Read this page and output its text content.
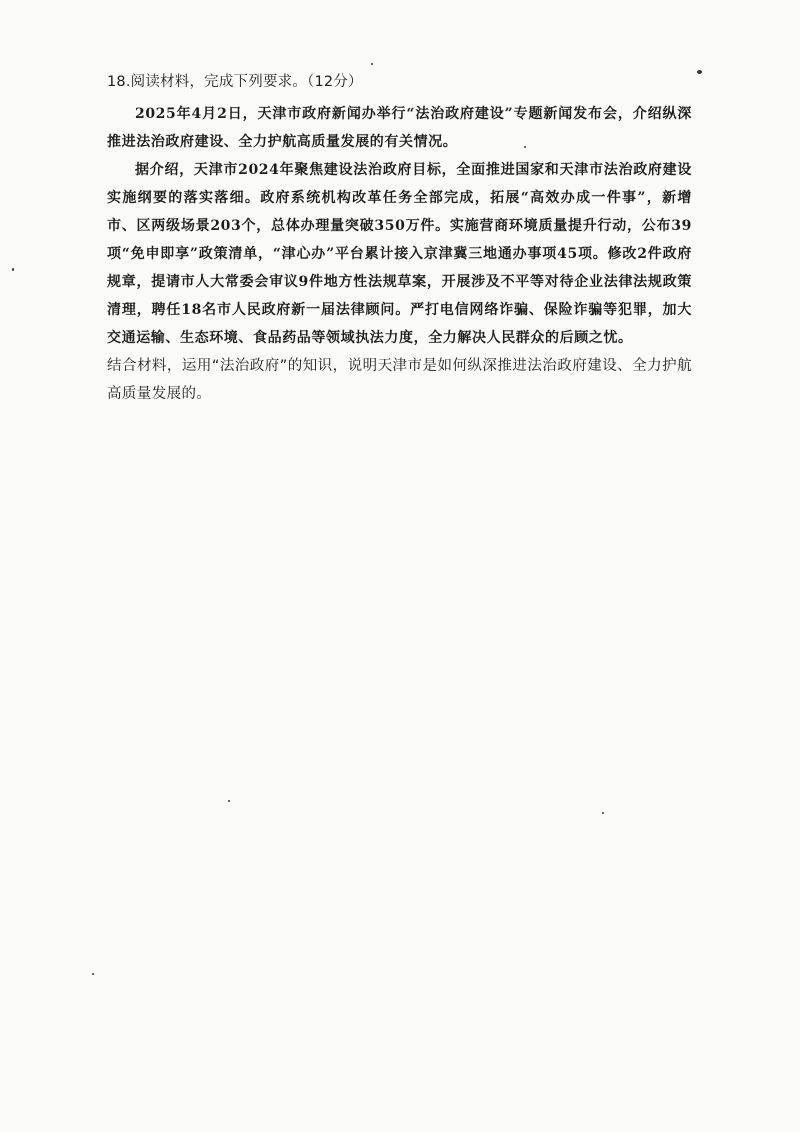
18.阅读材料，完成下列要求。（12分）

2025年4月2日，天津市政府新闻办举行“法治政府建设”专题新闻发布会，介绍纵深推进法治政府建设、全力护航高质量发展的有关情况。

据介绍，天津市2024年聚焦建设法治政府目标，全面推进国家和天津市法治政府建设实施纲要的落实落细。政府系统机构改革任务全部完成，拓展“高效办成一件事”，新增市、区两级场景203个，总体办理量突破350万件。实施营商环境质量提升行动，公布39项“免申即享”政策清单，“津心办”平台累计接入京津冀三地通办事项45项。修改2件政府规章，提请市人大常委会审议9件地方性法规草案，开展涉及不平等对待企业法律法规政策清理，聘任18名市人民政府新一届法律顾问。严打电信网络诈骗、保险诈骗等犯罪，加大交通运输、生态环境、食品药品等领域执法力度，全力解决人民群众的后顾之忧。

结合材料，运用“法治政府”的知识，说明天津市是如何纵深推进法治政府建设、全力护航高质量发展的。
